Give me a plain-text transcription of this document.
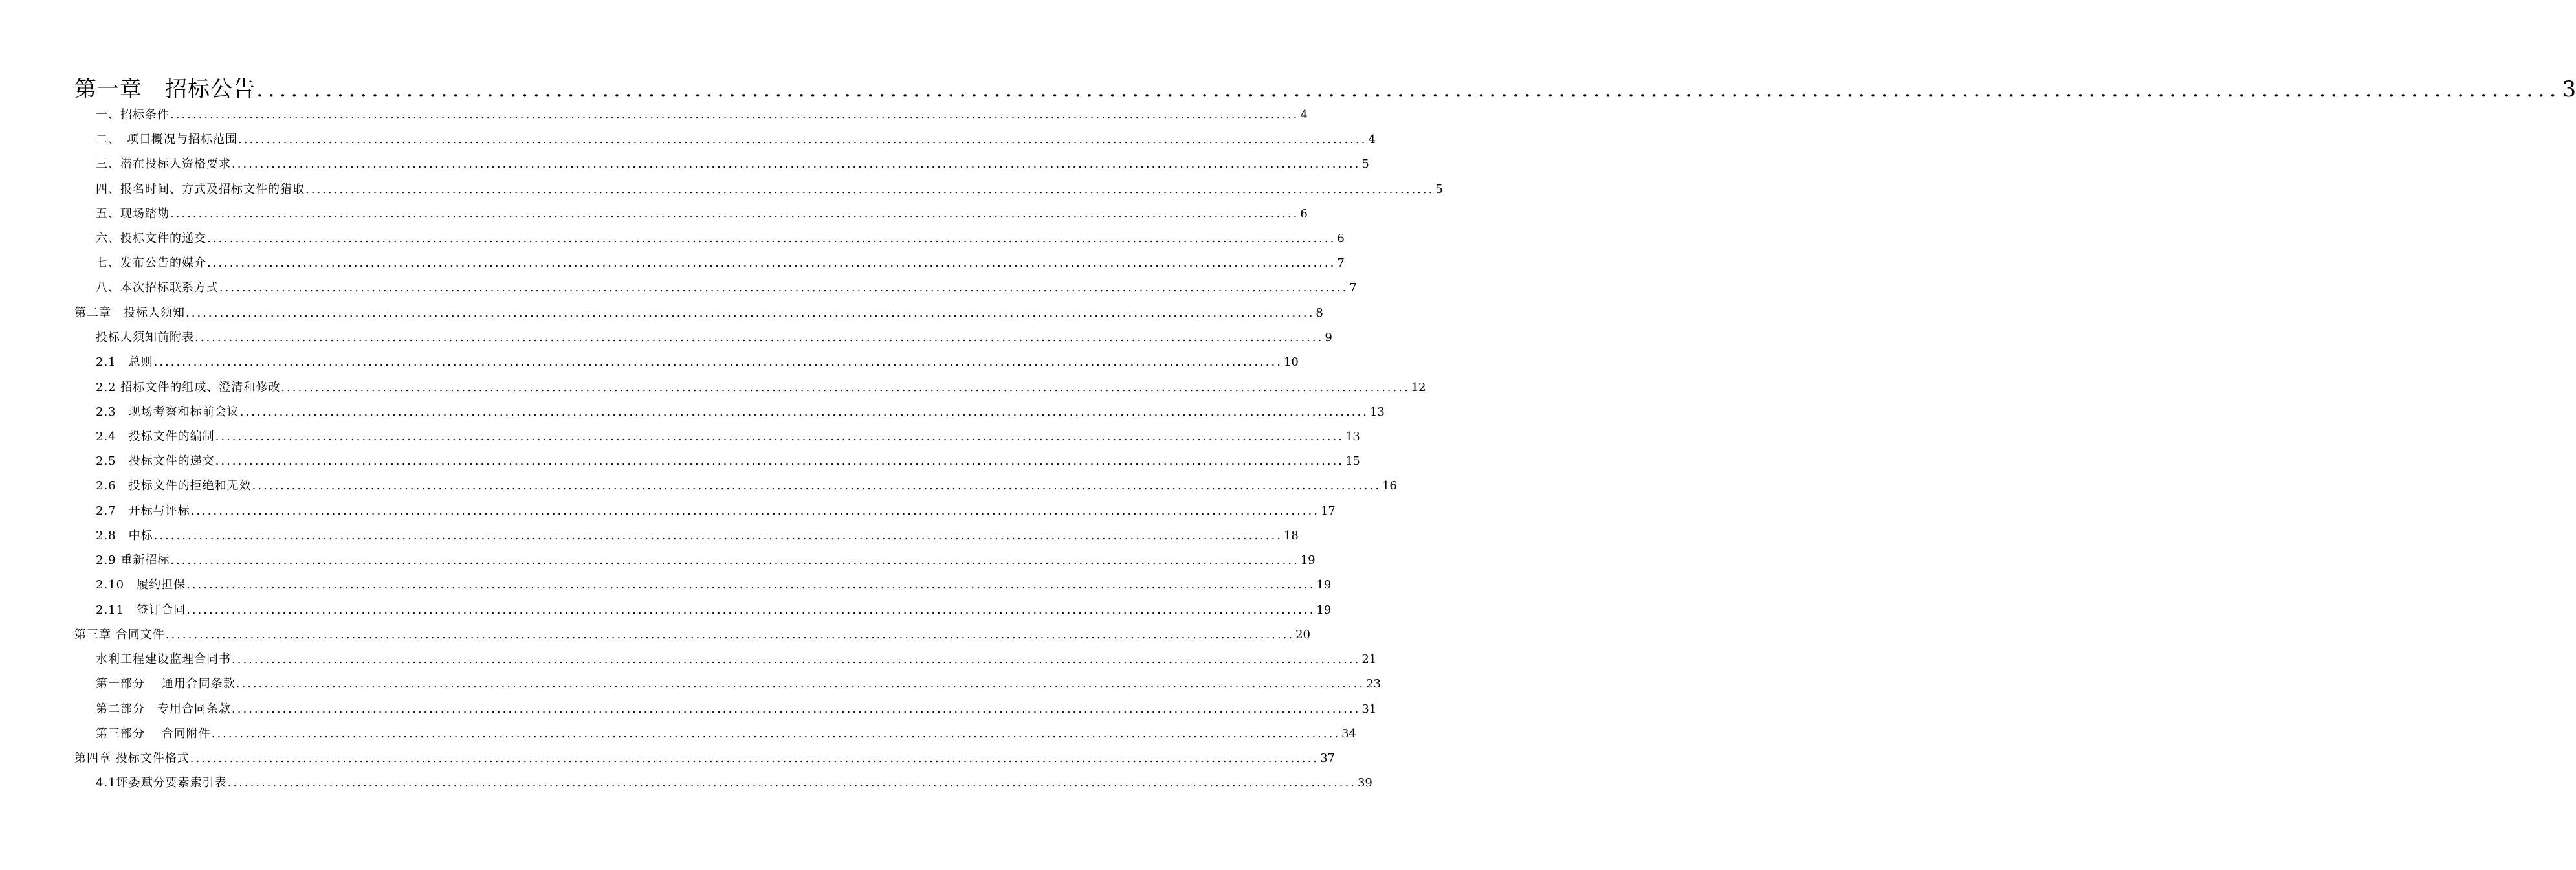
第一章　招标公告 ........................................................................................................................................................................................................ 3
一、招标条件 ........................................................................................................................................................................................................ 4
二、　项目概况与招标范围 ........................................................................................................................................................................................................ 4
三、潜在投标人资格要求 ........................................................................................................................................................................................................ 5
四、报名时间、方式及招标文件的猎取 ........................................................................................................................................................................................................ 5
五、现场踏勘 ........................................................................................................................................................................................................ 6
六、投标文件的递交 ........................................................................................................................................................................................................ 6
七、发布公告的媒介 ........................................................................................................................................................................................................ 7
八、本次招标联系方式 ........................................................................................................................................................................................................ 7
第二章　投标人须知 ........................................................................................................................................................................................................ 8
投标人须知前附表 ........................................................................................................................................................................................................ 9
2.1　总则 ........................................................................................................................................................................................................ 10
2.2 招标文件的组成、澄清和修改 ........................................................................................................................................................................................................ 12
2.3　现场考察和标前会议 ........................................................................................................................................................................................................ 13
2.4　投标文件的编制 ........................................................................................................................................................................................................ 13
2.5　投标文件的递交 ........................................................................................................................................................................................................ 15
2.6　投标文件的拒绝和无效 ........................................................................................................................................................................................................ 16
2.7　开标与评标 ........................................................................................................................................................................................................ 17
2.8　中标 ........................................................................................................................................................................................................ 18
2.9 重新招标 ........................................................................................................................................................................................................ 19
2.10　履约担保 ........................................................................................................................................................................................................ 19
2.11　签订合同 ........................................................................................................................................................................................................ 19
第三章 合同文件 ........................................................................................................................................................................................................ 20
水利工程建设监理合同书 ........................................................................................................................................................................................................ 21
第一部分　 通用合同条款 ........................................................................................................................................................................................................ 23
第二部分　专用合同条款 ........................................................................................................................................................................................................ 31
第三部分　 合同附件 ........................................................................................................................................................................................................ 34
第四章 投标文件格式 ........................................................................................................................................................................................................ 37
4.1评委赋分要素索引表 ........................................................................................................................................................................................................ 39
